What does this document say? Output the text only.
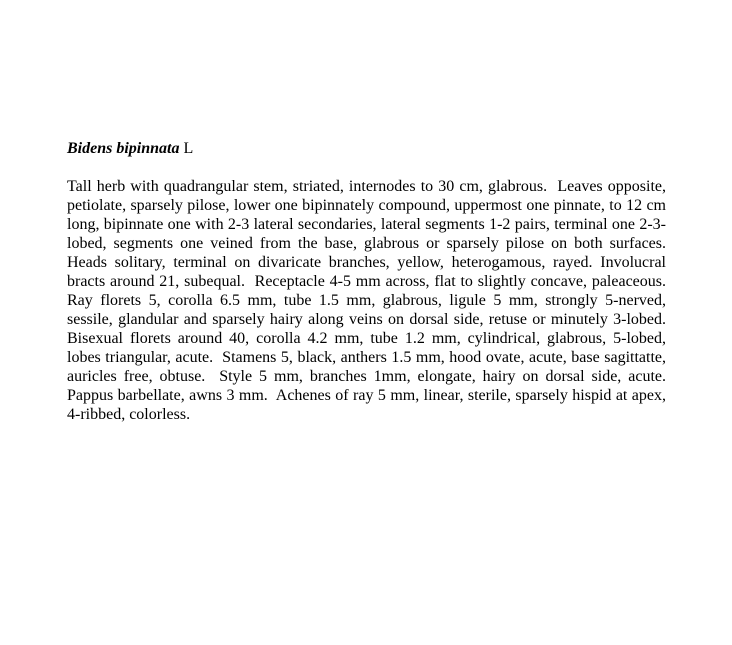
Bidens bipinnata L

Tall herb with quadrangular stem, striated, internodes to 30 cm, glabrous.  Leaves opposite, petiolate, sparsely pilose, lower one bipinnately compound, uppermost one pinnate, to 12 cm long, bipinnate one with 2-3 lateral secondaries, lateral segments 1-2 pairs, terminal one 2-3-lobed, segments one veined from the base, glabrous or sparsely pilose on both surfaces. Heads solitary, terminal on divaricate branches, yellow, heterogamous, rayed. Involucral bracts around 21, subequal.  Receptacle 4-5 mm across, flat to slightly concave, paleaceous. Ray florets 5, corolla 6.5 mm, tube 1.5 mm, glabrous, ligule 5 mm, strongly 5-nerved, sessile, glandular and sparsely hairy along veins on dorsal side, retuse or minutely 3-lobed.  Bisexual florets around 40, corolla 4.2 mm, tube 1.2 mm, cylindrical, glabrous, 5-lobed, lobes triangular, acute.  Stamens 5, black, anthers 1.5 mm, hood ovate, acute, base sagittatte, auricles free, obtuse.  Style 5 mm, branches 1mm, elongate, hairy on dorsal side, acute.  Pappus barbellate, awns 3 mm.  Achenes of ray 5 mm, linear, sterile, sparsely hispid at apex, 4-ribbed, colorless.
